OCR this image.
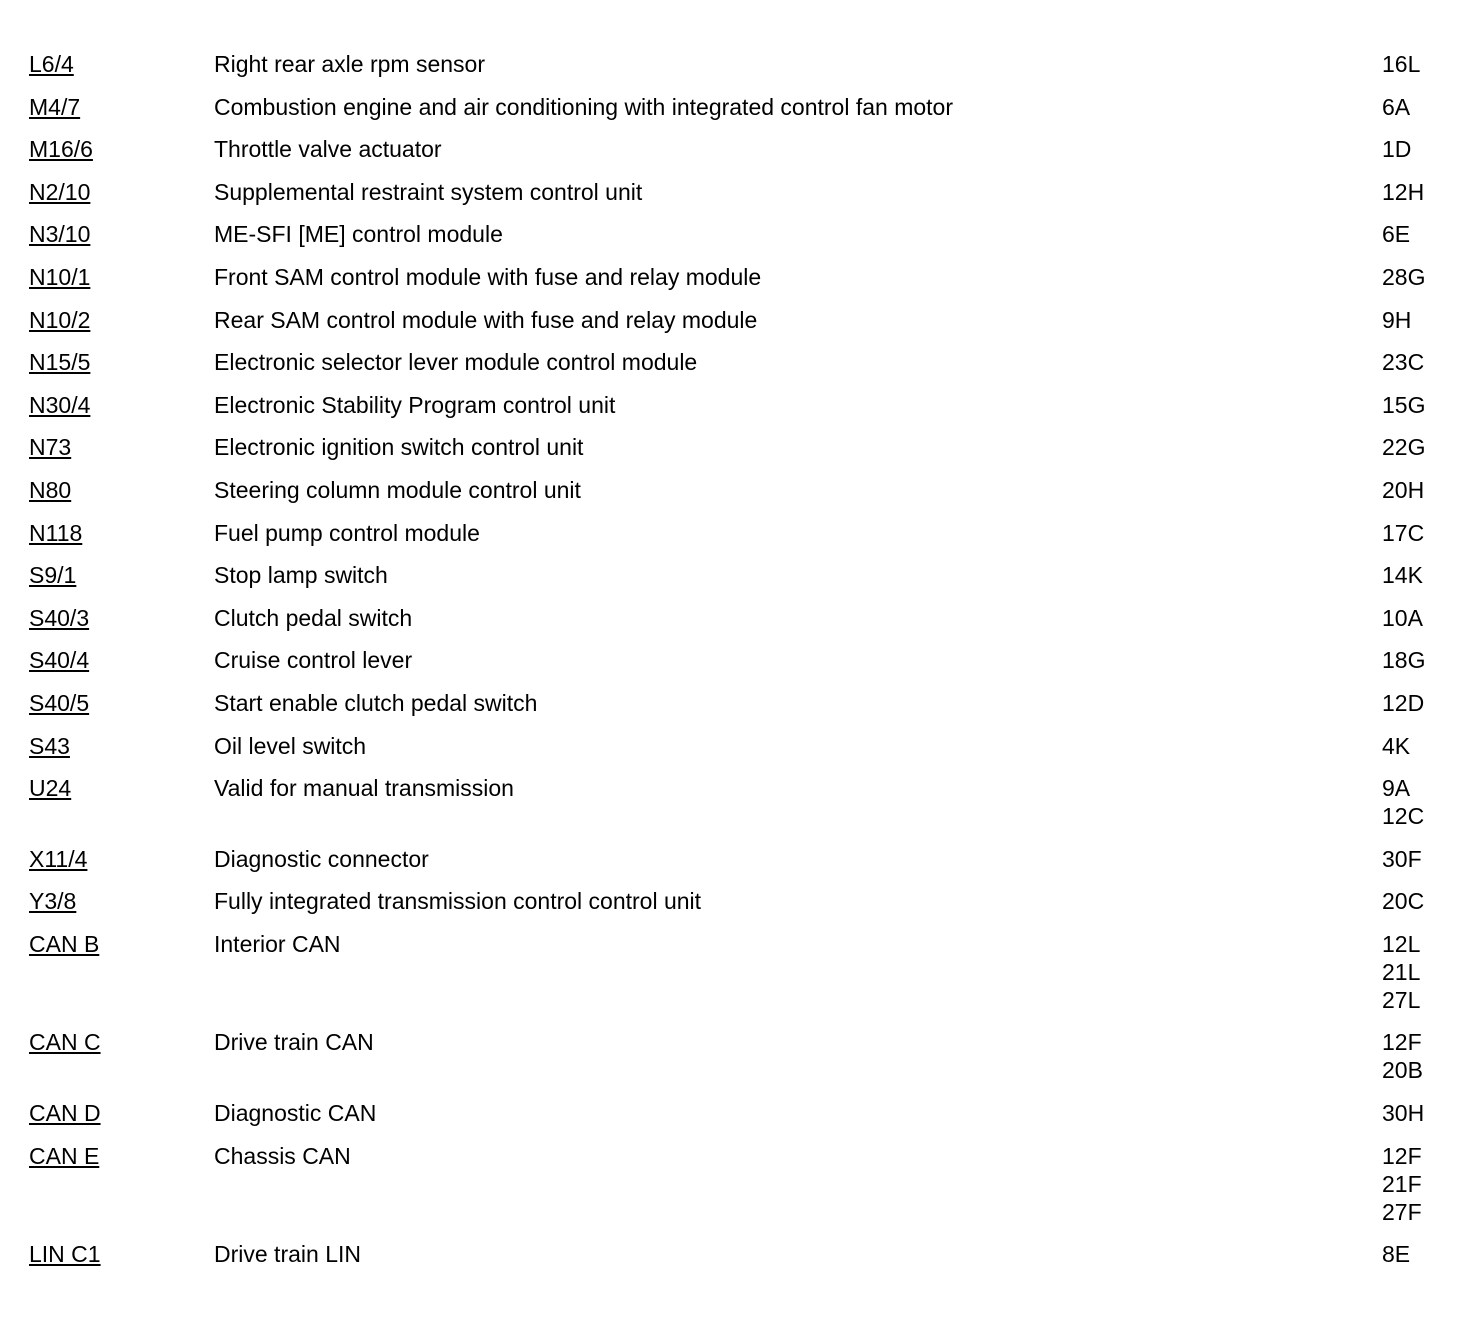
L6/4	Right rear axle rpm sensor	16L
M4/7	Combustion engine and air conditioning with integrated control fan motor	6A
M16/6	Throttle valve actuator	1D
N2/10	Supplemental restraint system control unit	12H
N3/10	ME-SFI [ME] control module	6E
N10/1	Front SAM control module with fuse and relay module	28G
N10/2	Rear SAM control module with fuse and relay module	9H
N15/5	Electronic selector lever module control module	23C
N30/4	Electronic Stability Program control unit	15G
N73	Electronic ignition switch control unit	22G
N80	Steering column module control unit	20H
N118	Fuel pump control module	17C
S9/1	Stop lamp switch	14K
S40/3	Clutch pedal switch	10A
S40/4	Cruise control lever	18G
S40/5	Start enable clutch pedal switch	12D
S43	Oil level switch	4K
U24	Valid for manual transmission	9A
12C
X11/4	Diagnostic connector	30F
Y3/8	Fully integrated transmission control control unit	20C
CAN B	Interior CAN	12L
21L
27L
CAN C	Drive train CAN	12F
20B
CAN D	Diagnostic CAN	30H
CAN E	Chassis CAN	12F
21F
27F
LIN C1	Drive train LIN	8E
